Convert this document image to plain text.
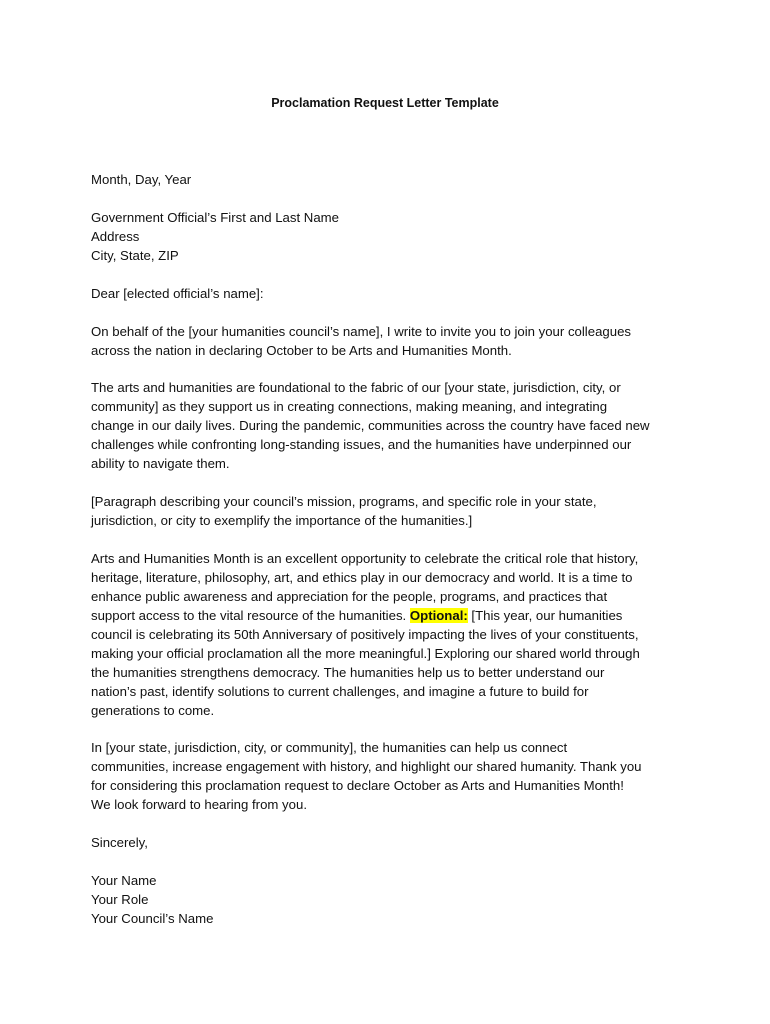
Proclamation Request Letter Template
Month, Day, Year
Government Official’s First and Last Name
Address
City, State, ZIP
Dear [elected official’s name]:
On behalf of the [your humanities council’s name], I write to invite you to join your colleagues
across the nation in declaring October to be Arts and Humanities Month.
The arts and humanities are foundational to the fabric of our [your state, jurisdiction, city, or
community] as they support us in creating connections, making meaning, and integrating
change in our daily lives. During the pandemic, communities across the country have faced new
challenges while confronting long-standing issues, and the humanities have underpinned our
ability to navigate them.
[Paragraph describing your council’s mission, programs, and specific role in your state,
jurisdiction, or city to exemplify the importance of the humanities.]
Arts and Humanities Month is an excellent opportunity to celebrate the critical role that history,
heritage, literature, philosophy, art, and ethics play in our democracy and world. It is a time to
enhance public awareness and appreciation for the people, programs, and practices that
support access to the vital resource of the humanities. Optional: [This year, our humanities
council is celebrating its 50th Anniversary of positively impacting the lives of your constituents,
making your official proclamation all the more meaningful.] Exploring our shared world through
the humanities strengthens democracy. The humanities help us to better understand our
nation’s past, identify solutions to current challenges, and imagine a future to build for
generations to come.
In [your state, jurisdiction, city, or community], the humanities can help us connect
communities, increase engagement with history, and highlight our shared humanity. Thank you
for considering this proclamation request to declare October as Arts and Humanities Month!
We look forward to hearing from you.
Sincerely,
Your Name
Your Role
Your Council’s Name
